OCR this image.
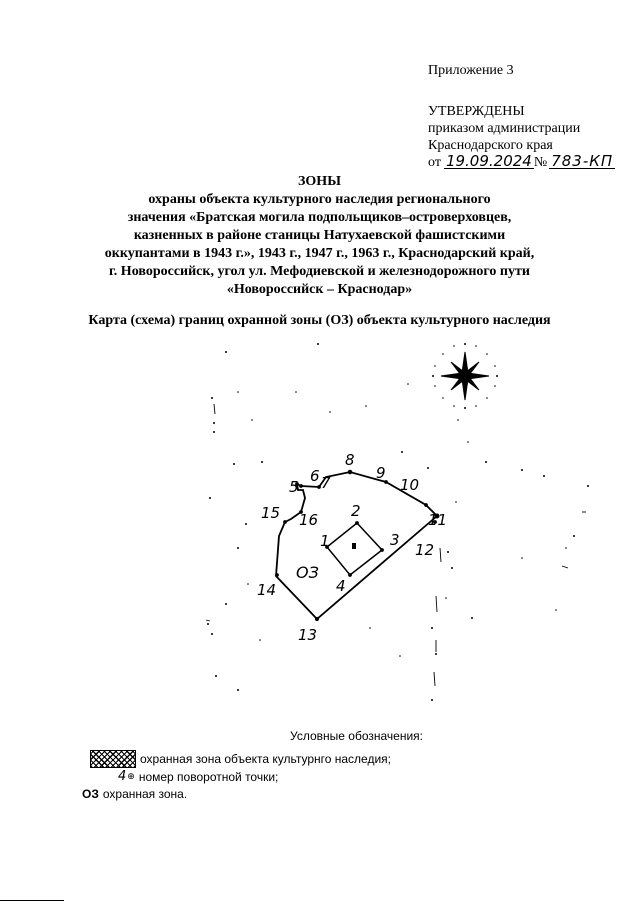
Приложение 3
УТВЕРЖДЕНЫ
приказом администрации
Краснодарского края
от 19.09.2024 № 783-КП
ЗОНЫ
охраны объекта культурного наследия регионального
значения «Братская могила подпольщиков–островерховцев,
казненных в районе станицы Натухаевской фашистскими
оккупантами в 1943 г.», 1943 г., 1947 г., 1963 г., Краснодарский край,
г. Новороссийск, угол ул. Мефодиевской и железнодорожного пути
«Новороссийск – Краснодар»
Карта (схема) границ охранной зоны (ОЗ) объекта культурного наследия
1
2
3
4
5
6 7
8
9
10
11
12
13
14
15 16
ОЗ
Условные обозначения:
охранная зона объекта культурнго наследия;
4 ⊕ номер поворотной точки;
ОЗ охранная зона.
